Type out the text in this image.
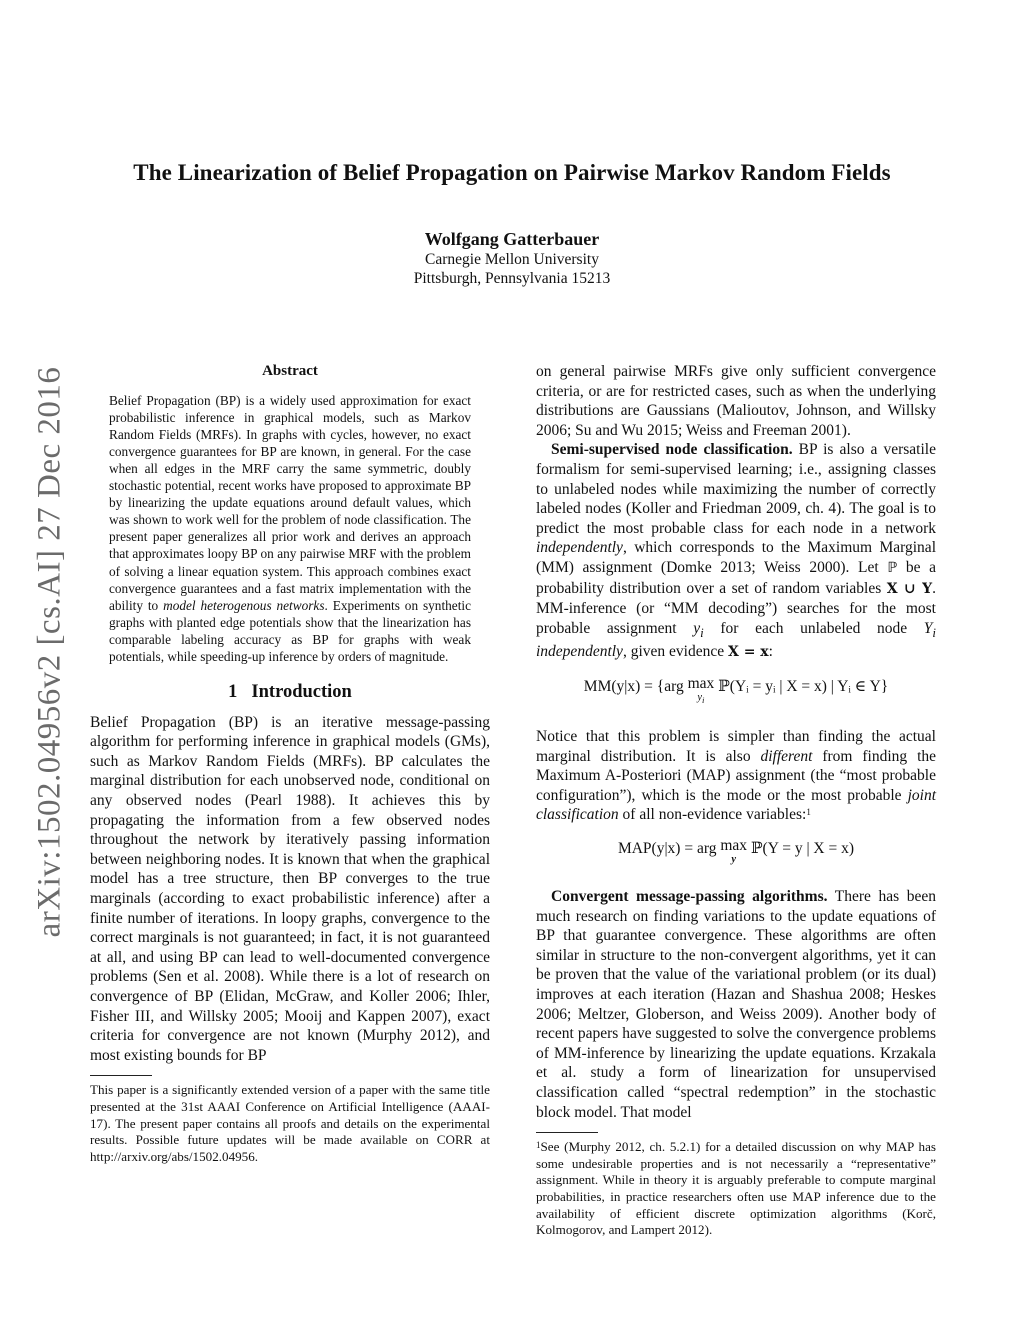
arXiv:1502.04956v2 [cs.AI] 27 Dec 2016
The Linearization of Belief Propagation on Pairwise Markov Random Fields
Wolfgang Gatterbauer
Carnegie Mellon University
Pittsburgh, Pennsylvania 15213
Abstract
Belief Propagation (BP) is a widely used approximation for exact probabilistic inference in graphical models, such as Markov Random Fields (MRFs). In graphs with cycles, however, no exact convergence guarantees for BP are known, in general. For the case when all edges in the MRF carry the same symmetric, doubly stochastic potential, recent works have proposed to approximate BP by linearizing the update equations around default values, which was shown to work well for the problem of node classification. The present paper generalizes all prior work and derives an approach that approximates loopy BP on any pairwise MRF with the problem of solving a linear equation system. This approach combines exact convergence guarantees and a fast matrix implementation with the ability to model heterogenous networks. Experiments on synthetic graphs with planted edge potentials show that the linearization has comparable labeling accuracy as BP for graphs with weak potentials, while speeding-up inference by orders of magnitude.
1 Introduction

Belief Propagation (BP) is an iterative message-passing algorithm for performing inference in graphical models (GMs), such as Markov Random Fields (MRFs). BP calculates the marginal distribution for each unobserved node, conditional on any observed nodes (Pearl 1988). It achieves this by propagating the information from a few observed nodes throughout the network by iteratively passing information between neighboring nodes. It is known that when the graphical model has a tree structure, then BP converges to the true marginals (according to exact probabilistic inference) after a finite number of iterations. In loopy graphs, convergence to the correct marginals is not guaranteed; in fact, it is not guaranteed at all, and using BP can lead to well-documented convergence problems (Sen et al. 2008). While there is a lot of research on convergence of BP (Elidan, McGraw, and Koller 2006; Ihler, Fisher III, and Willsky 2005; Mooij and Kappen 2007), exact criteria for convergence are not known (Murphy 2012), and most existing bounds for BP

This paper is a significantly extended version of a paper with the same title presented at the 31st AAAI Conference on Artificial Intelligence (AAAI-17). The present paper contains all proofs and details on the experimental results. Possible future updates will be made available on CORR at http://arxiv.org/abs/1502.04956.

on general pairwise MRFs give only sufficient convergence criteria, or are for restricted cases, such as when the underlying distributions are Gaussians (Malioutov, Johnson, and Willsky 2006; Su and Wu 2015; Weiss and Freeman 2001).

Semi-supervised node classification. BP is also a versatile formalism for semi-supervised learning; i.e., assigning classes to unlabeled nodes while maximizing the number of correctly labeled nodes (Koller and Friedman 2009, ch. 4). The goal is to predict the most probable class for each node in a network independently, which corresponds to the Maximum Marginal (MM) assignment (Domke 2013; Weiss 2000). Let ℙ be a probability distribution over a set of random variables X ∪ Y. MM-inference (or “MM decoding”) searches for the most probable assignment $y_i$ for each unlabeled node $Y_i$ independently, given evidence X = x:

MM(y|x) = {arg max
$y_i$
ℙ(Yᵢ = yᵢ | X = x) | Yᵢ ∈ Y}

Notice that this problem is simpler than finding the actual marginal distribution. It is also different from finding the Maximum A-Posteriori (MAP) assignment (the “most probable configuration”), which is the mode or the most probable joint classification of all non-evidence variables:$^1$

MAP(y|x) = arg max
y
ℙ(Y = y | X = x)

Convergent message-passing algorithms. There has been much research on finding variations to the update equations of BP that guarantee convergence. These algorithms are often similar in structure to the non-convergent algorithms, yet it can be proven that the value of the variational problem (or its dual) improves at each iteration (Hazan and Shashua 2008; Heskes 2006; Meltzer, Globerson, and Weiss 2009). Another body of recent papers have suggested to solve the convergence problems of MM-inference by linearizing the update equations. Krzakala et al. study a form of linearization for unsupervised classification called “spectral redemption” in the stochastic block model. That model

$^1$See (Murphy 2012, ch. 5.2.1) for a detailed discussion on why MAP has some undesirable properties and is not necessarily a “representative” assignment. While in theory it is arguably preferable to compute marginal probabilities, in practice researchers often use MAP inference due to the availability of efficient discrete optimization algorithms (Korč, Kolmogorov, and Lampert 2012).
